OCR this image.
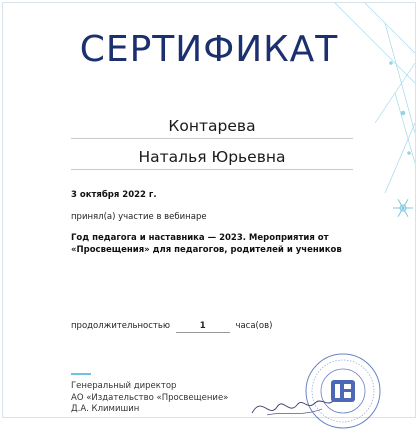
СЕРТИФИКАТ
Контарева
Наталья Юрьевна
3 октября 2022 г.
принял(а) участие в вебинаре
Год педагога и наставника — 2023. Мероприятия от «Просвещения» для педагогов, родителей и учеников
продолжительностью	1	часа(ов)
Генеральный директор
АО «Издательство «Просвещение»
Д.А. Климишин
